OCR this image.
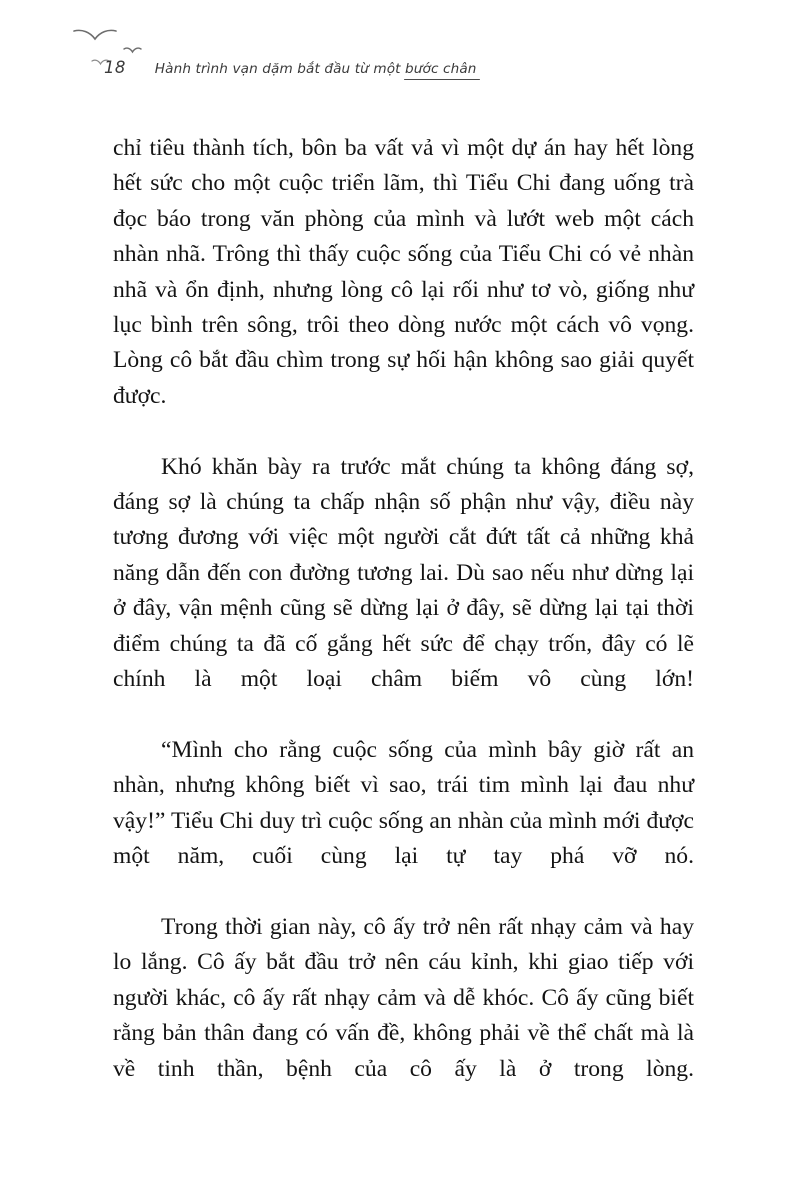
18 Hành trình vạn dặm bắt đầu từ một bước chân

chỉ tiêu thành tích, bôn ba vất vả vì một dự án hay hết lòng hết sức cho một cuộc triển lãm, thì Tiểu Chi đang uống trà đọc báo trong văn phòng của mình và lướt web một cách nhàn nhã. Trông thì thấy cuộc sống của Tiểu Chi có vẻ nhàn nhã và ổn định, nhưng lòng cô lại rối như tơ vò, giống như lục bình trên sông, trôi theo dòng nước một cách vô vọng. Lòng cô bắt đầu chìm trong sự hối hận không sao giải quyết được.

Khó khăn bày ra trước mắt chúng ta không đáng sợ, đáng sợ là chúng ta chấp nhận số phận như vậy, điều này tương đương với việc một người cắt đứt tất cả những khả năng dẫn đến con đường tương lai. Dù sao nếu như dừng lại ở đây, vận mệnh cũng sẽ dừng lại ở đây, sẽ dừng lại tại thời điểm chúng ta đã cố gắng hết sức để chạy trốn, đây có lẽ chính là một loại châm biếm vô cùng lớn!

“Mình cho rằng cuộc sống của mình bây giờ rất an nhàn, nhưng không biết vì sao, trái tim mình lại đau như vậy!” Tiểu Chi duy trì cuộc sống an nhàn của mình mới được một năm, cuối cùng lại tự tay phá vỡ nó.

Trong thời gian này, cô ấy trở nên rất nhạy cảm và hay lo lắng. Cô ấy bắt đầu trở nên cáu kỉnh, khi giao tiếp với người khác, cô ấy rất nhạy cảm và dễ khóc. Cô ấy cũng biết rằng bản thân đang có vấn đề, không phải về thể chất mà là về tinh thần, bệnh của cô ấy là ở trong lòng.
